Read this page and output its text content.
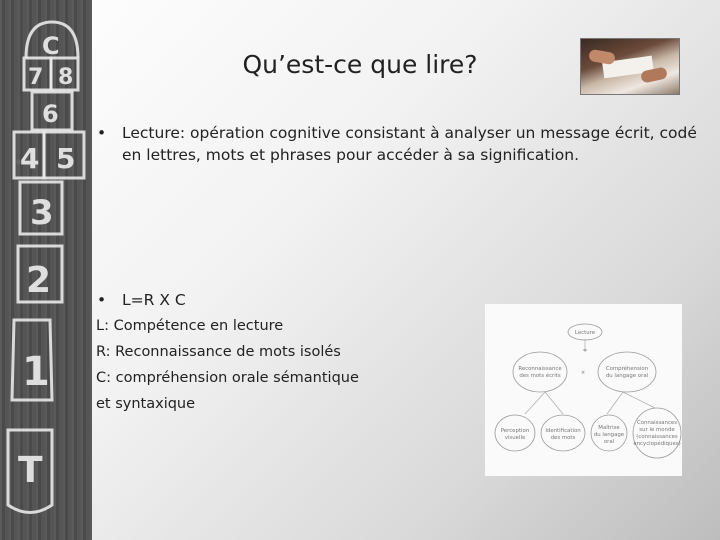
C
7 8
6
4 5
3
2
1
T
Qu’est-ce que lire?
• Lecture: opération cognitive consistant à analyser un message écrit, codé
en lettres, mots et phrases pour accéder à sa signification.
• L=R X C
L: Compétence en lecture
R: Reconnaissance de mots isolés
C: compréhension orale sémantique
et syntaxique
Lecture
=
×
Reconnaissance
des mots écrits
Compréhension
du langage oral
Perception
visuelle
Identification
des mots
Maîtrise
du langage
oral
Connaissances
sur le monde
(connaissances
encyclopédiques)
